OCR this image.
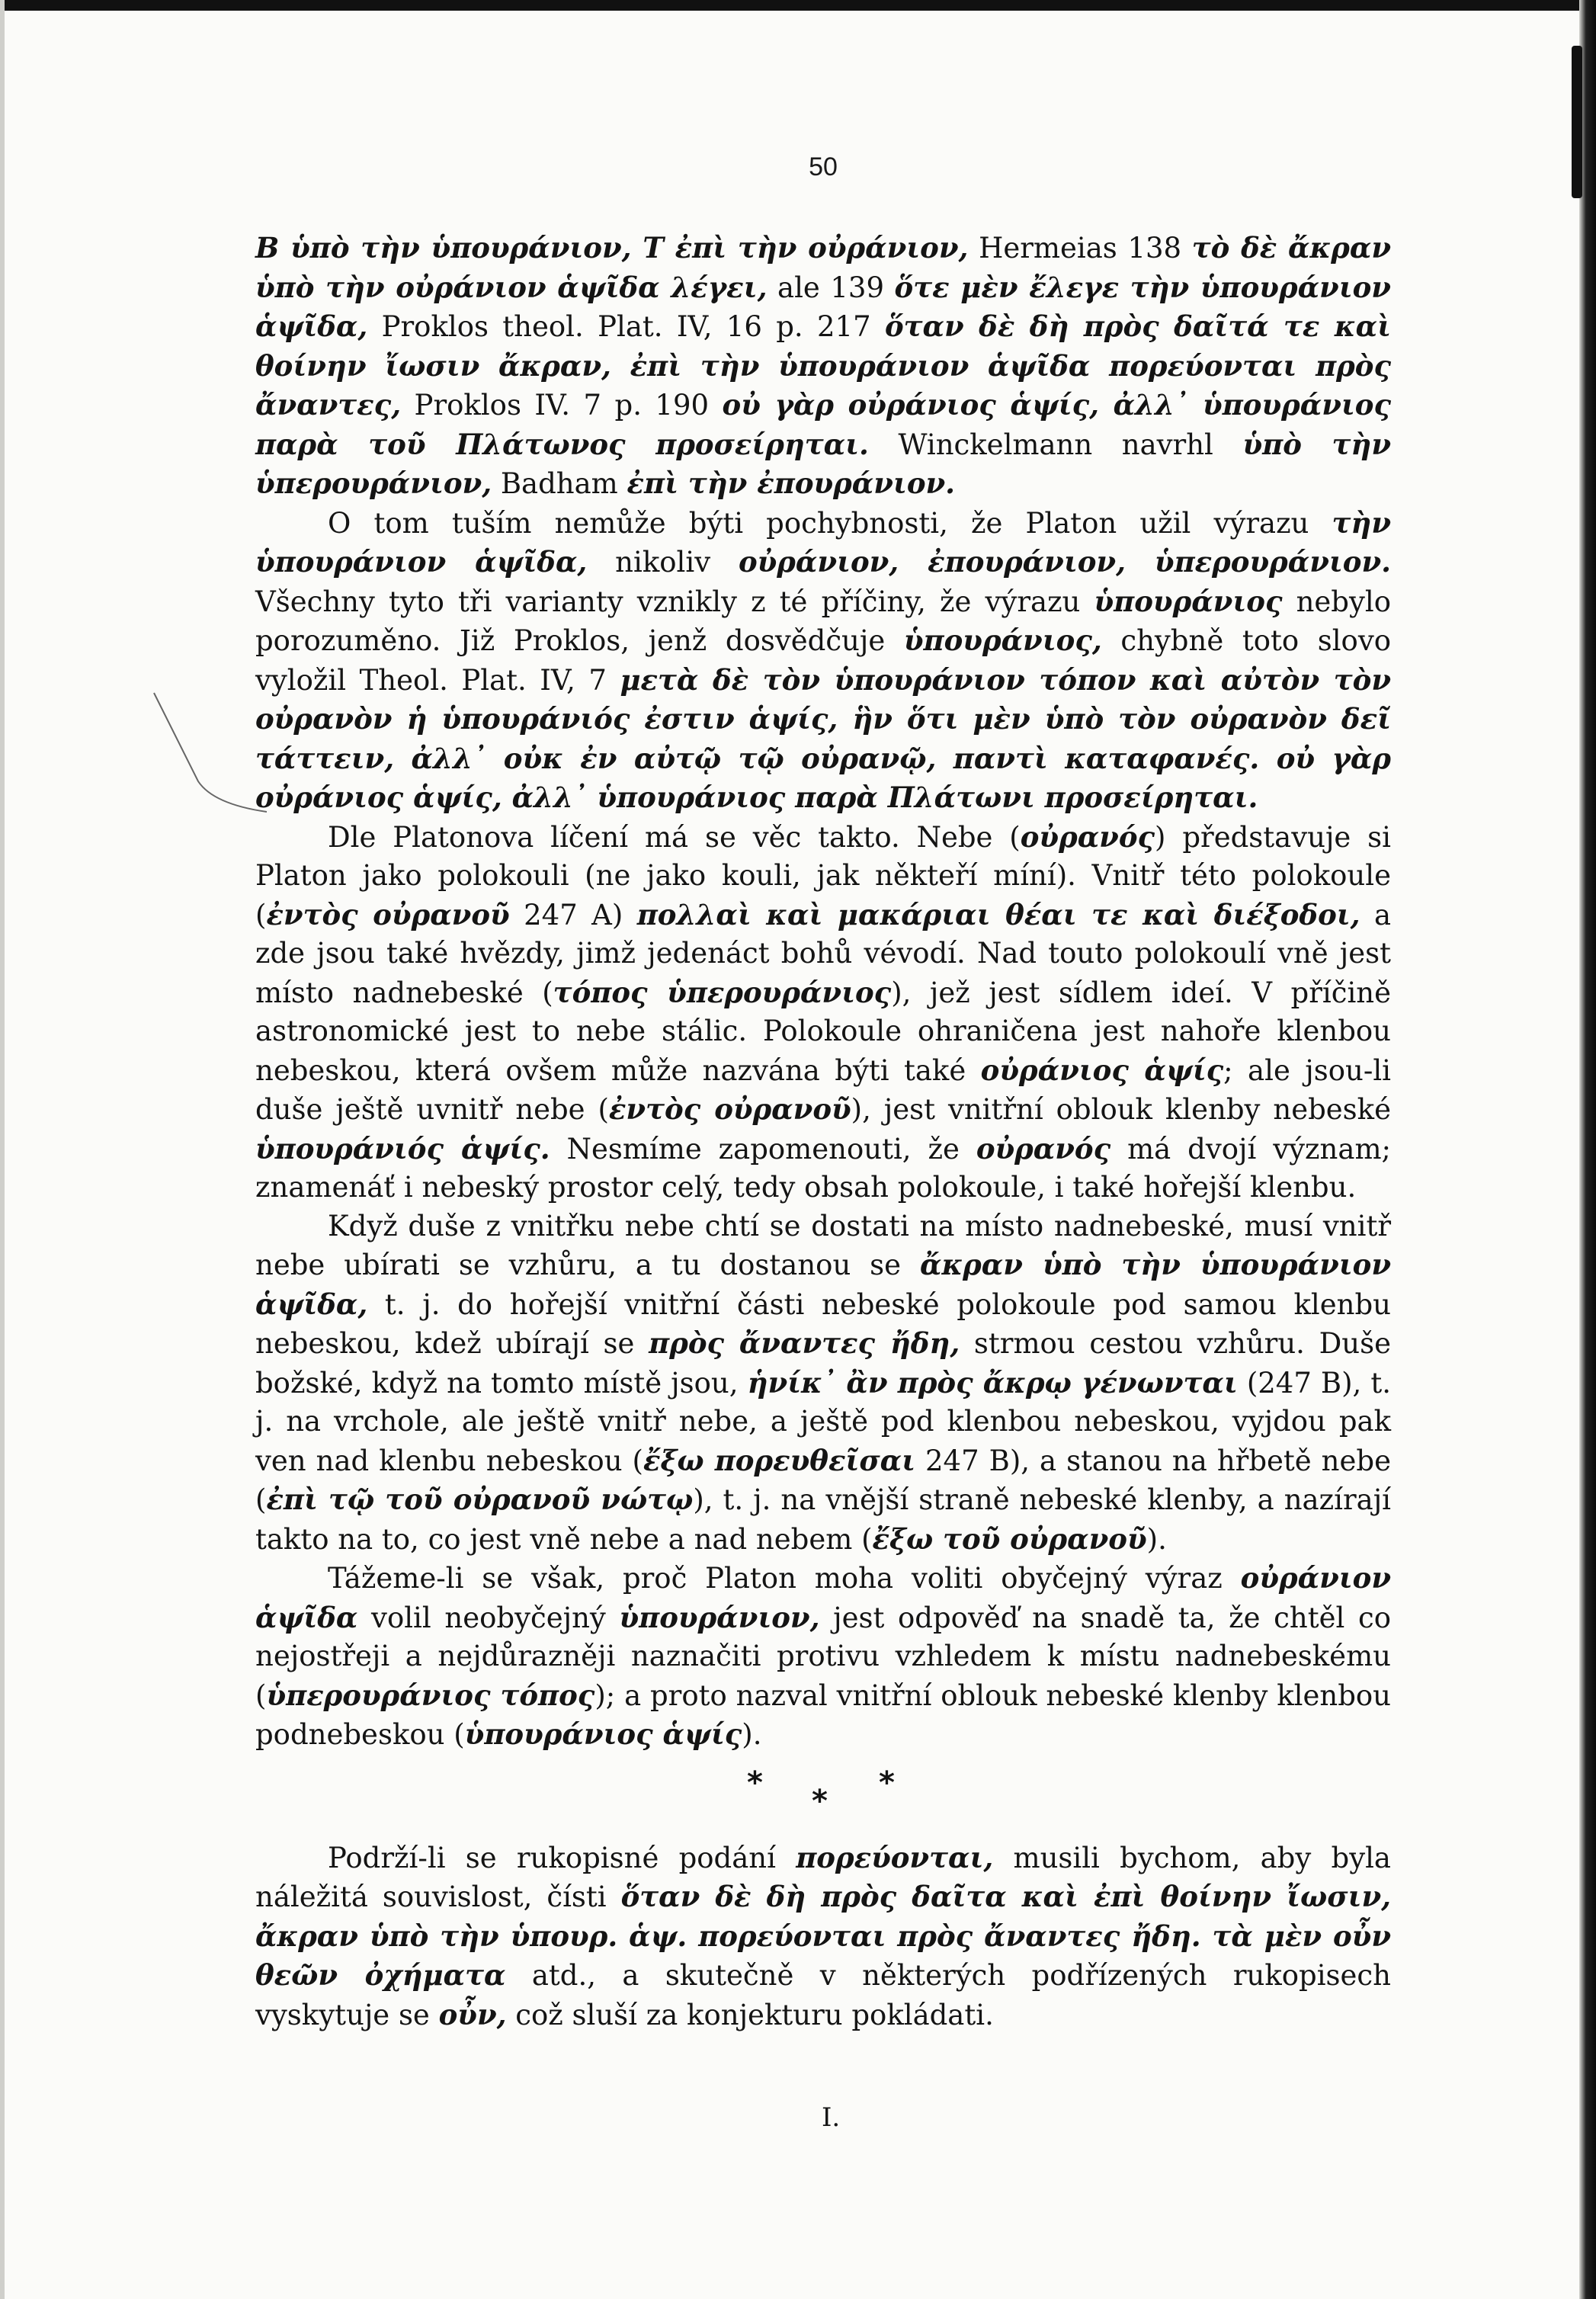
50

B ὑπὸ τὴν ὑπουράνιον, T ἐπὶ τὴν οὐράνιον, Hermeias 138 τὸ δὲ ἄκραν ὑπὸ τὴν οὐράνιον ἁψῖδα λέγει, ale 139 ὅτε μὲν ἔλεγε τὴν ὑπουράνιον ἁψῖδα, Proklos theol. Plat. IV, 16 p. 217 ὅταν δὲ δὴ πρὸς δαῖτά τε καὶ θοίνην ἴωσιν ἄκραν, ἐπὶ τὴν ὑπουράνιον ἁψῖδα πορεύονται πρὸς ἄναντες, Proklos IV. 7 p. 190 οὐ γὰρ οὐράνιος ἁψίς, ἀλλ᾿ ὑπουράνιος παρὰ τοῦ Πλάτωνος προσείρηται. Winckelmann navrhl ὑπὸ τὴν ὑπερουράνιον, Badham ἐπὶ τὴν ἐπουράνιον.

O tom tuším nemůže býti pochybnosti, že Platon užil výrazu τὴν ὑπουράνιον ἁψῖδα, nikoliv οὐράνιον, ἐπουράνιον, ὑπερουράνιον. Všechny tyto tři varianty vznikly z té příčiny, že výrazu ὑπουράνιος nebylo porozuměno. Již Proklos, jenž dosvědčuje ὑπουράνιος, chybně toto slovo vyložil Theol. Plat. IV, 7 μετὰ δὲ τὸν ὑπουράνιον τόπον καὶ αὐτὸν τὸν οὐρανὸν ἡ ὑπουράνιός ἐστιν ἁψίς, ἣν ὅτι μὲν ὑπὸ τὸν οὐρανὸν δεῖ τάττειν, ἀλλ᾿ οὐκ ἐν αὐτῷ τῷ οὐρανῷ, παντὶ καταφανές. οὐ γὰρ οὐράνιος ἁψίς, ἀλλ᾿ ὑπουράνιος παρὰ Πλάτωνι προσείρηται.

Dle Platonova líčení má se věc takto. Nebe (οὐρανός) představuje si Platon jako polokouli (ne jako kouli, jak někteří míní). Vnitř této polokoule (ἐντὸς οὐρανοῦ 247 A) πολλαὶ καὶ μακάριαι θέαι τε καὶ διέξοδοι, a zde jsou také hvězdy, jimž jedenáct bohů vévodí. Nad touto polokoulí vně jest místo nadnebeské (τόπος ὑπερουράνιος), jež jest sídlem ideí. V příčině astronomické jest to nebe stálic. Polokoule ohraničena jest nahoře klenbou nebeskou, která ovšem může nazvána býti také οὐράνιος ἁψίς; ale jsou-li duše ještě uvnitř nebe (ἐντὸς οὐρανοῦ), jest vnitřní oblouk klenby nebeské ὑπουράνιός ἁψίς. Nesmíme zapomenouti, že οὐρανός má dvojí význam; znamenáť i nebeský prostor celý, tedy obsah polokoule, i také hořejší klenbu.

Když duše z vnitřku nebe chtí se dostati na místo nadnebeské, musí vnitř nebe ubírati se vzhůru, a tu dostanou se ἄκραν ὑπὸ τὴν ὑπουράνιον ἁψῖδα, t. j. do hořejší vnitřní části nebeské polokoule pod samou klenbu nebeskou, kdež ubírají se πρὸς ἄναντες ἤδη, strmou cestou vzhůru. Duše božské, když na tomto místě jsou, ἡνίκ᾿ ἂν πρὸς ἄκρῳ γένωνται (247 B), t. j. na vrchole, ale ještě vnitř nebe, a ještě pod klenbou nebeskou, vyjdou pak ven nad klenbu nebeskou (ἔξω πορευθεῖσαι 247 B), a stanou na hřbetě nebe (ἐπὶ τῷ τοῦ οὐρανοῦ νώτῳ), t. j. na vnější straně nebeské klenby, a nazírají takto na to, co jest vně nebe a nad nebem (ἔξω τοῦ οὐρανοῦ).

Tážeme-li se však, proč Platon moha voliti obyčejný výraz οὐράνιον ἁψῖδα volil neobyčejný ὑπουράνιον, jest odpověď na snadě ta, že chtěl co nejostřeji a nejdůrazněji naznačiti protivu vzhledem k místu nadnebeskému (ὑπερουράνιος τόπος); a proto nazval vnitřní oblouk nebeské klenby klenbou podnebeskou (ὑπουράνιος ἁψίς).

*
*
*

Podrží-li se rukopisné podání πορεύονται, musili bychom, aby byla náležitá souvislost, čísti ὅταν δὲ δὴ πρὸς δαῖτα καὶ ἐπὶ θοίνην ἴωσιν, ἄκραν ὑπὸ τὴν ὑπουρ. ἁψ. πορεύονται πρὸς ἄναντες ἤδη. τὰ μὲν οὖν θεῶν ὀχήματα atd., a skutečně v některých podřízených rukopisech vyskytuje se οὖν, což sluší za konjekturu pokládati.

I.
